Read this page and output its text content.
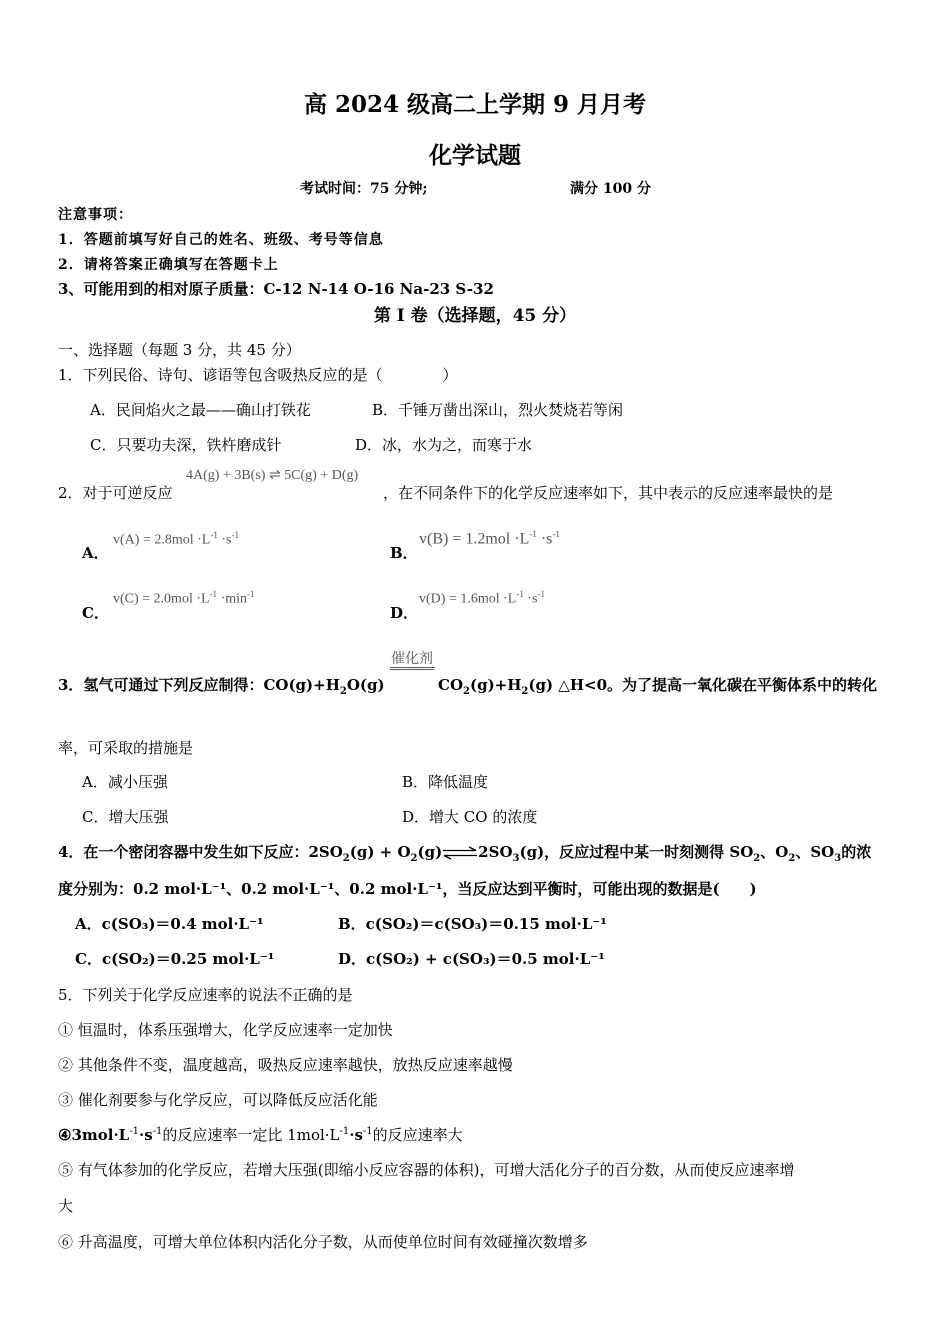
高 2024 级高二上学期 9 月月考
化学试题
考试时间：75 分钟;	满分 100 分
注意事项：
1．答题前填写好自己的姓名、班级、考号等信息
2．请将答案正确填写在答题卡上
3、可能用到的相对原子质量：C-12 N-14 O-16 Na-23 S-32
第 I 卷（选择题，45 分）
一、选择题（每题 3 分，共 45 分）
1．下列民俗、诗句、谚语等包含吸热反应的是（　　　　）
A．民间焰火之最——确山打铁花	B．千锤万凿出深山，烈火焚烧若等闲
C．只要功夫深，铁杵磨成针	D．冰，水为之，而寒于水
2．对于可逆反应
4A(g) + 3B(s) ⇌ 5C(g) + D(g)
，在不同条件下的化学反应速率如下，其中表示的反应速率最快的是
A．
$v(A) = 2.8mol \cdot L^{-1} \cdot s^{-1}$
B．
$v(B) = 1.2mol \cdot L^{-1} \cdot s^{-1}$
C．
$v(C) = 2.0mol \cdot L^{-1} \cdot\min^{-1}$
D．
$v(D) = 1.6mol \cdot L^{-1} \cdot s^{-1}$
催化剂
3．氢气可通过下列反应制得：$CO(g)+H_2O(g)$	$CO_2(g)+H_2(g)$ △H<0。为了提高一氧化碳在平衡体系中的转化
率，可采取的措施是
A．减小压强	B．降低温度
C．增大压强	D．增大 CO 的浓度
4．在一个密闭容器中发生如下反应：$2SO_2(g)$ + $O_2(g)\rightleftharpoons 2SO_3(g)$，反应过程中某一时刻测得 $SO_2$、$O_2$、$SO_3$的浓
度分别为：0.2 mol·L⁻¹、0.2 mol·L⁻¹、0.2 mol·L⁻¹，当反应达到平衡时，可能出现的数据是(　　)
A．c(SO₃)＝0.4 mol·L⁻¹	B．c(SO₂)＝c(SO₃)＝0.15 mol·L⁻¹
C．c(SO₂)＝0.25 mol·L⁻¹	D．c(SO₂) + c(SO₃)＝0.5 mol·L⁻¹
5．下列关于化学反应速率的说法不正确的是
① 恒温时，体系压强增大，化学反应速率一定加快
② 其他条件不变，温度越高，吸热反应速率越快，放热反应速率越慢
③ 催化剂要参与化学反应，可以降低反应活化能
$④3mol\cdot L^{-1}\cdot s^{-1}$的反应速率一定比 $1mol\cdot L^{-1}\cdot s^{-1}$的反应速率大
⑤ 有气体参加的化学反应，若增大压强(即缩小反应容器的体积)，可增大活化分子的百分数，从而使反应速率增
大
⑥ 升高温度，可增大单位体积内活化分子数，从而使单位时间有效碰撞次数增多
